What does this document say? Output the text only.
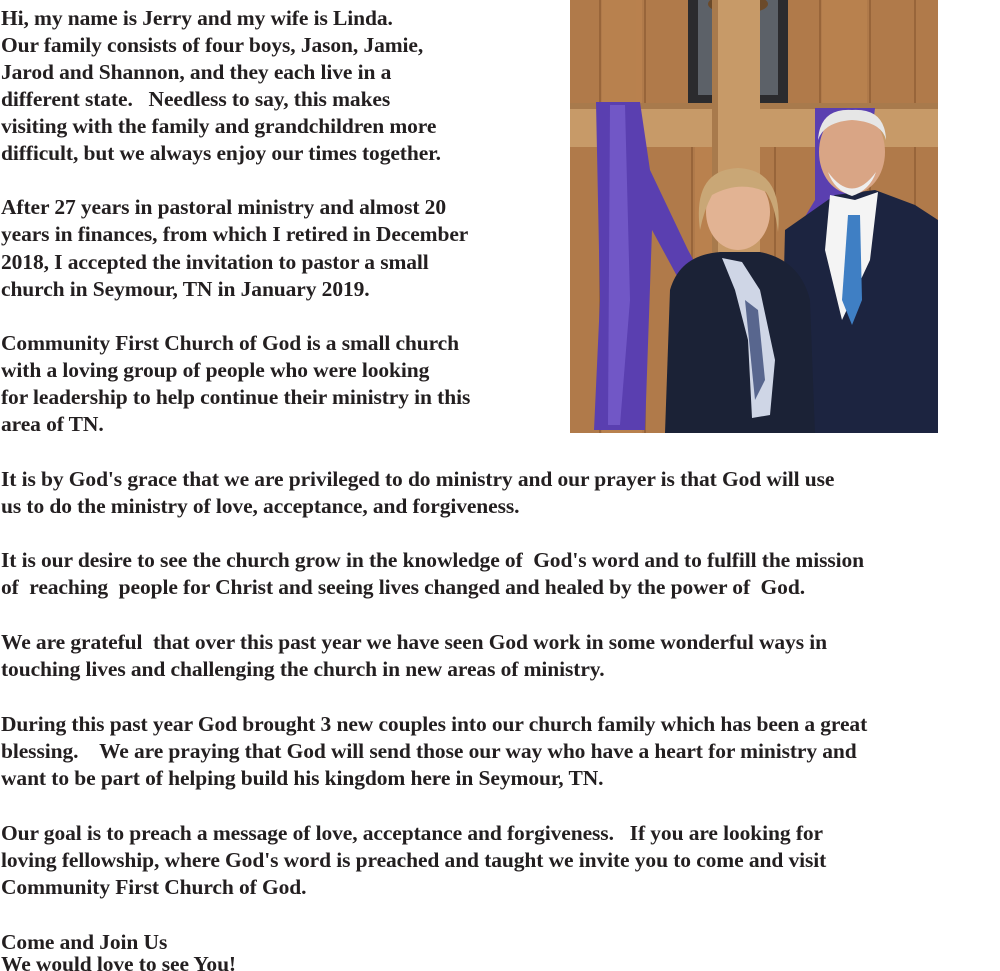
Hi, my name is Jerry and my wife is Linda.
Our family consists of four boys, Jason, Jamie,
Jarod and Shannon, and they each live in a
different state.   Needless to say, this makes
visiting with the family and grandchildren more
difficult, but we always enjoy our times together.
After 27 years in pastoral ministry and almost 20
years in finances, from which I retired in December
2018, I accepted the invitation to pastor a small
church in Seymour, TN in January 2019.
Community First Church of God is a small church
with a loving group of people who were looking
for leadership to help continue their ministry in this
area of TN.
It is by God's grace that we are privileged to do ministry and our prayer is that God will use
us to do the ministry of love, acceptance, and forgiveness.
It is our desire to see the church grow in the knowledge of  God's word and to fulfill the mission
of  reaching  people for Christ and seeing lives changed and healed by the power of  God.
We are grateful  that over this past year we have seen God work in some wonderful ways in
touching lives and challenging the church in new areas of ministry.
During this past year God brought 3 new couples into our church family which has been a great
blessing.    We are praying that God will send those our way who have a heart for ministry and
want to be part of helping build his kingdom here in Seymour, TN.
Our goal is to preach a message of love, acceptance and forgiveness.   If you are looking for
loving fellowship, where God's word is preached and taught we invite you to come and visit
Community First Church of God.
Come and Join Us
We would love to see You!
